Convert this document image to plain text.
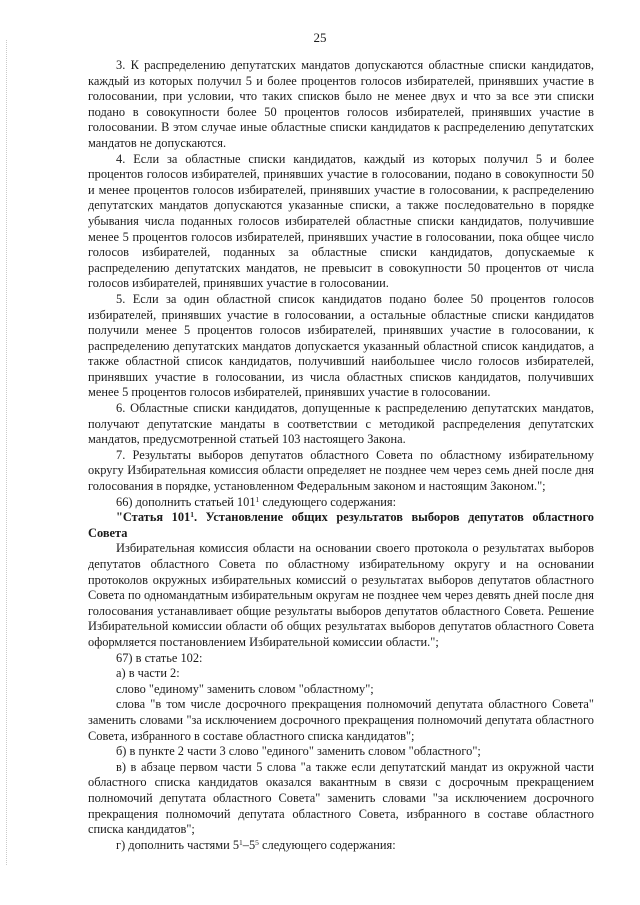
25

3. К распределению депутатских мандатов допускаются областные списки кандидатов, каждый из которых получил 5 и более процентов голосов избирателей, принявших участие в голосовании, при условии, что таких списков было не менее двух и что за все эти списки подано в совокупности более 50 процентов голосов избирателей, принявших участие в голосовании. В этом случае иные областные списки кандидатов к распределению депутатских мандатов не допускаются.

4. Если за областные списки кандидатов, каждый из которых получил 5 и более процентов голосов избирателей, принявших участие в голосовании, подано в совокупности 50 и менее процентов голосов избирателей, принявших участие в голосовании, к распределению депутатских мандатов допускаются указанные списки, а также последовательно в порядке убывания числа поданных голосов избирателей областные списки кандидатов, получившие менее 5 процентов голосов избирателей, принявших участие в голосовании, пока общее число голосов избирателей, поданных за областные списки кандидатов, допускаемые к распределению депутатских мандатов, не превысит в совокупности 50 процентов от числа голосов избирателей, принявших участие в голосовании.

5. Если за один областной список кандидатов подано более 50 процентов голосов избирателей, принявших участие в голосовании, а остальные областные списки кандидатов получили менее 5 процентов голосов избирателей, принявших участие в голосовании, к распределению депутатских мандатов допускается указанный областной список кандидатов, а также областной список кандидатов, получивший наибольшее число голосов избирателей, принявших участие в голосовании, из числа областных списков кандидатов, получивших менее 5 процентов голосов избирателей, принявших участие в голосовании.

6. Областные списки кандидатов, допущенные к распределению депутатских мандатов, получают депутатские мандаты в соответствии с методикой распределения депутатских мандатов, предусмотренной статьей 103 настоящего Закона.

7. Результаты выборов депутатов областного Совета по областному избирательному округу Избирательная комиссия области определяет не позднее чем через семь дней после дня голосования в порядке, установленном Федеральным законом и настоящим Законом.";

66) дополнить статьей $101^1$ следующего содержания:

"Статья $101^1$. Установление общих результатов выборов депутатов областного Совета

Избирательная комиссия области на основании своего протокола о результатах выборов депутатов областного Совета по областному избирательному округу и на основании протоколов окружных избирательных комиссий о результатах выборов депутатов областного Совета по одномандатным избирательным округам не позднее чем через девять дней после дня голосования устанавливает общие результаты выборов депутатов областного Совета. Решение Избирательной комиссии области об общих результатах выборов депутатов областного Совета оформляется постановлением Избирательной комиссии области.";

67) в статье 102:

а) в части 2:

слово "единому" заменить словом "областному";

слова "в том числе досрочного прекращения полномочий депутата областного Совета" заменить словами "за исключением досрочного прекращения полномочий депутата областного Совета, избранного в составе областного списка кандидатов";

б) в пункте 2 части 3 слово "единого" заменить словом "областного";

в) в абзаце первом части 5 слова "а также если депутатский мандат из окружной части областного списка кандидатов оказался вакантным в связи с досрочным прекращением полномочий депутата областного Совета" заменить словами "за исключением досрочного прекращения полномочий депутата областного Совета, избранного в составе областного списка кандидатов";

г) дополнить частями $5^1-5^5$ следующего содержания:
